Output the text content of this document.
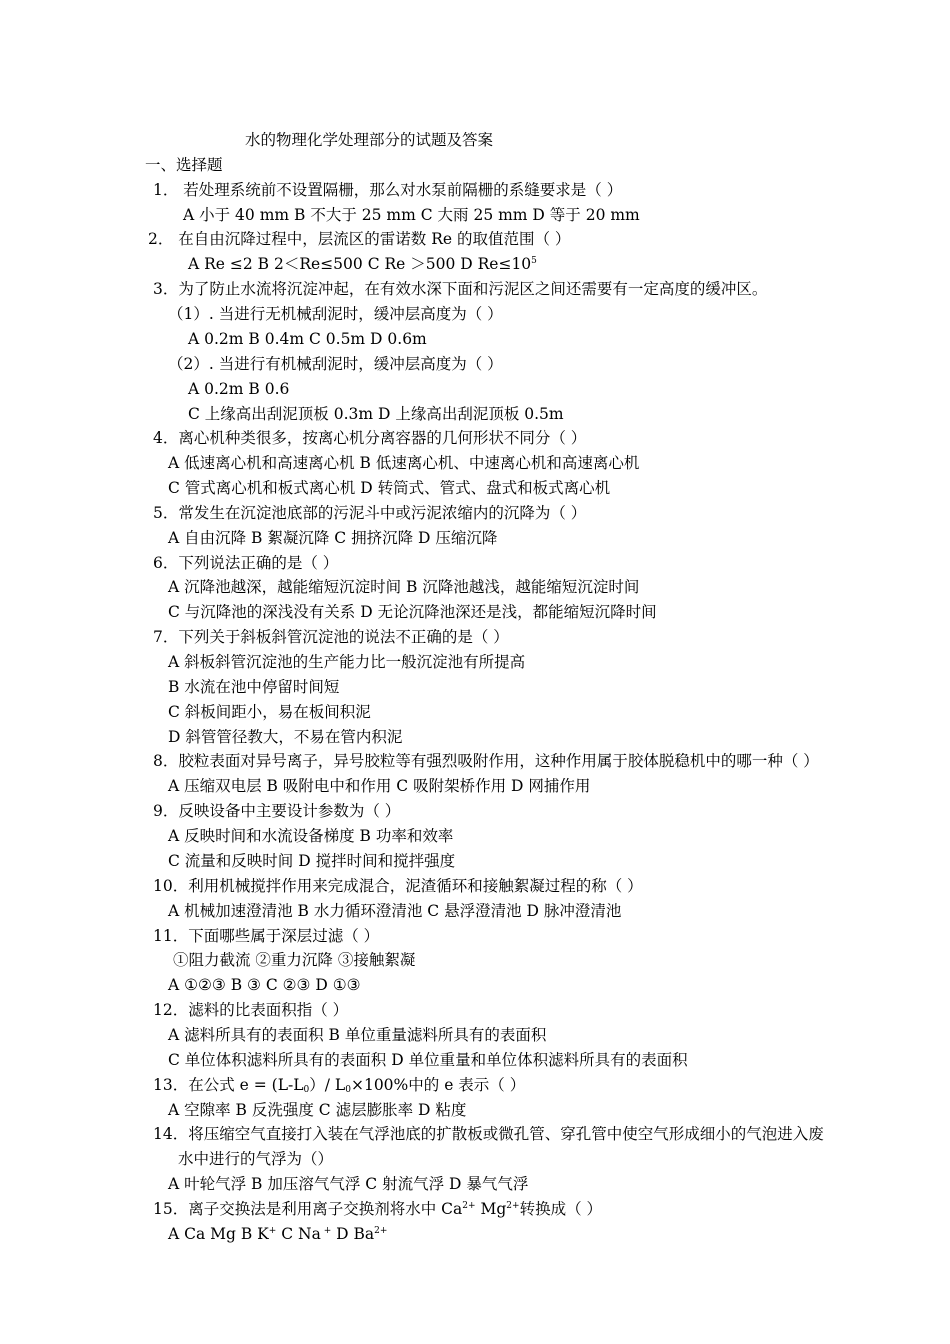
水的物理化学处理部分的试题及答案
一、选择题
1． 若处理系统前不设置隔栅，那么对水泵前隔栅的系缝要求是（ ）
A 小于 40 mm B 不大于 25 mm C 大雨 25 mm D 等于 20 mm
2． 在自由沉降过程中，层流区的雷诺数 Re 的取值范围（ ）
A Re ≤2 B 2＜Re≤500 C Re ＞500 D $Re\le 10^5$
3．为了防止水流将沉淀冲起，在有效水深下面和污泥区之间还需要有一定高度的缓冲区。
（1）. 当进行无机械刮泥时，缓冲层高度为（ ）
A 0.2m B 0.4m C 0.5m D 0.6m
（2）. 当进行有机械刮泥时，缓冲层高度为（ ）
A 0.2m B 0.6
C 上缘高出刮泥顶板 0.3m D 上缘高出刮泥顶板 0.5m
4．离心机种类很多，按离心机分离容器的几何形状不同分（ ）
A 低速离心机和高速离心机 B 低速离心机、中速离心机和高速离心机
C 管式离心机和板式离心机 D 转筒式、管式、盘式和板式离心机
5．常发生在沉淀池底部的污泥斗中或污泥浓缩内的沉降为（ ）
A 自由沉降 B 絮凝沉降 C 拥挤沉降 D 压缩沉降
6．下列说法正确的是（ ）
A 沉降池越深，越能缩短沉淀时间 B 沉降池越浅，越能缩短沉淀时间
C 与沉降池的深浅没有关系 D 无论沉降池深还是浅，都能缩短沉降时间
7．下列关于斜板斜管沉淀池的说法不正确的是（ ）
A 斜板斜管沉淀池的生产能力比一般沉淀池有所提高
B 水流在池中停留时间短
C 斜板间距小，易在板间积泥
D 斜管管径教大，不易在管内积泥
8．胶粒表面对异号离子，异号胶粒等有强烈吸附作用，这种作用属于胶体脱稳机中的哪一种（ ）
A 压缩双电层 B 吸附电中和作用 C 吸附架桥作用 D 网捕作用
9．反映设备中主要设计参数为（ ）
A 反映时间和水流设备梯度 B 功率和效率
C 流量和反映时间 D 搅拌时间和搅拌强度
10．利用机械搅拌作用来完成混合，泥渣循环和接触絮凝过程的称（ ）
A 机械加速澄清池 B 水力循环澄清池 C 悬浮澄清池 D 脉冲澄清池
11．下面哪些属于深层过滤（ ）
①阻力截流 ②重力沉降 ③接触絮凝
A ①②③ B ③ C ②③ D ①③
12．滤料的比表面积指（ ）
A 滤料所具有的表面积 B 单位重量滤料所具有的表面积
C 单位体积滤料所具有的表面积 D 单位重量和单位体积滤料所具有的表面积
13．在公式 $e = (L-L_0)/$ $L_0\times 100\%$中的 e 表示（ ）
A 空隙率 B 反洗强度 C 滤层膨胀率 D 粘度
14．将压缩空气直接打入装在气浮池底的扩散板或微孔管、穿孔管中使空气形成细小的气泡进入废
水中进行的气浮为（）
A 叶轮气浮 B 加压溶气气浮 C 射流气浮 D 暴气气浮
15．离子交换法是利用离子交换剂将水中 $Ca^{2+}$ $Mg^{2+}$转换成（ ）
A Ca Mg B K+ C Na + D $Ba^{2+}$
